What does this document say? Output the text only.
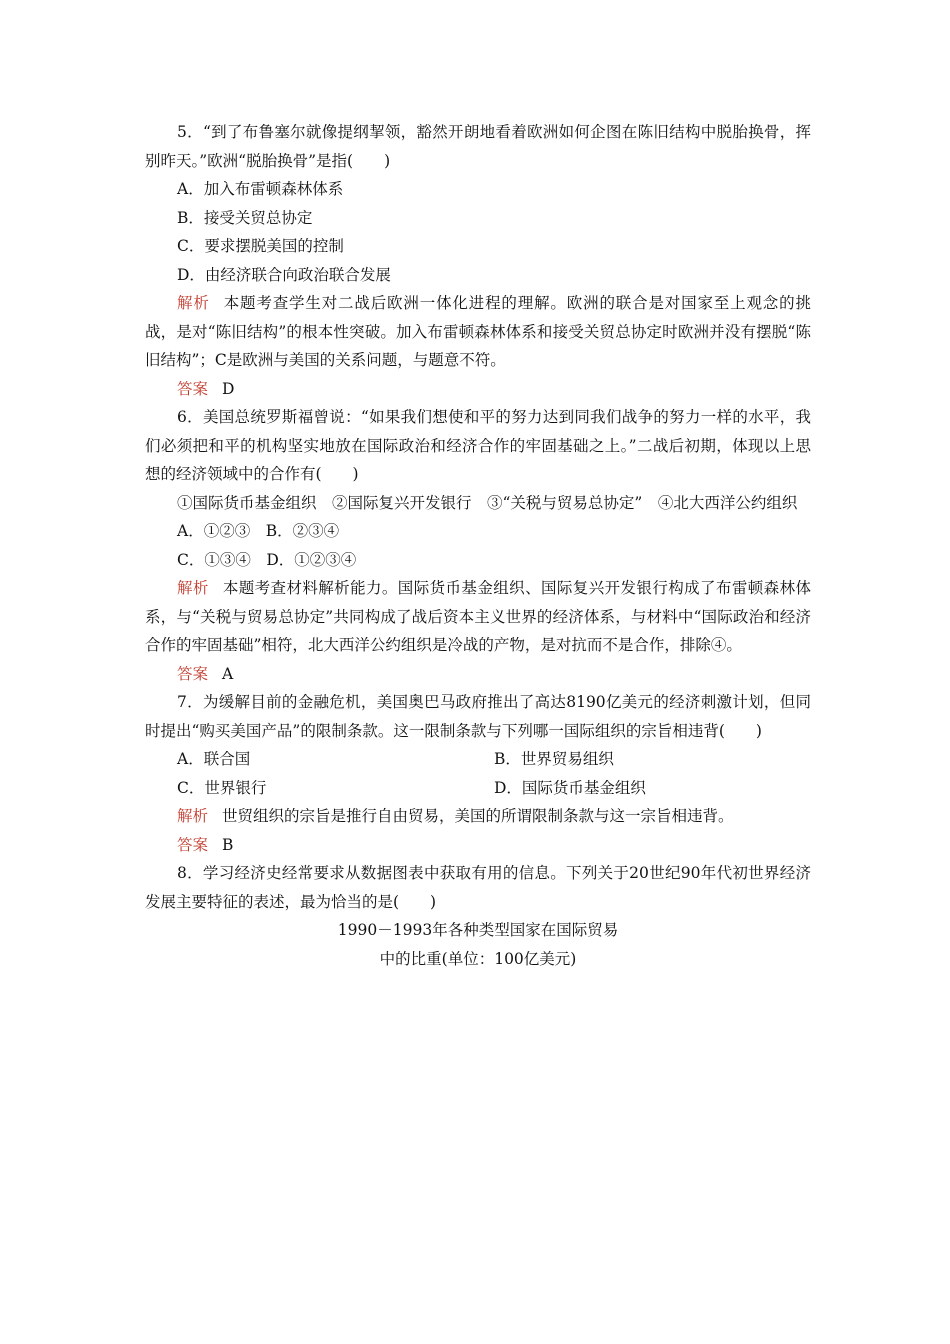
5．“到了布鲁塞尔就像提纲挈领，豁然开朗地看着欧洲如何企图在陈旧结构中脱胎换骨，挥别昨天。”欧洲“脱胎换骨”是指(　　)

A．加入布雷顿森林体系

B．接受关贸总协定

C．要求摆脱美国的控制

D．由经济联合向政治联合发展

解析 本题考查学生对二战后欧洲一体化进程的理解。欧洲的联合是对国家至上观念的挑战，是对“陈旧结构”的根本性突破。加入布雷顿森林体系和接受关贸总协定时欧洲并没有摆脱“陈旧结构”；C是欧洲与美国的关系问题，与题意不符。

答案 D

6．美国总统罗斯福曾说：“如果我们想使和平的努力达到同我们战争的努力一样的水平，我们必须把和平的机构坚实地放在国际政治和经济合作的牢固基础之上。”二战后初期，体现以上思想的经济领域中的合作有(　　)

①国际货币基金组织　②国际复兴开发银行　③“关税与贸易总协定”　④北大西洋公约组织

A．①②③　B．②③④

C．①③④　D．①②③④

解析 本题考查材料解析能力。国际货币基金组织、国际复兴开发银行构成了布雷顿森林体系，与“关税与贸易总协定”共同构成了战后资本主义世界的经济体系，与材料中“国际政治和经济合作的牢固基础”相符，北大西洋公约组织是冷战的产物，是对抗而不是合作，排除④。

答案 A

7．为缓解目前的金融危机，美国奥巴马政府推出了高达8190亿美元的经济刺激计划，但同时提出“购买美国产品”的限制条款。这一限制条款与下列哪一国际组织的宗旨相违背(　　)

A．联合国	B．世界贸易组织
C．世界银行	D．国际货币基金组织

解析 世贸组织的宗旨是推行自由贸易，美国的所谓限制条款与这一宗旨相违背。

答案 B

8．学习经济史经常要求从数据图表中获取有用的信息。下列关于20世纪90年代初世界经济发展主要特征的表述，最为恰当的是(　　)

1990－1993年各种类型国家在国际贸易

中的比重(单位：100亿美元)
